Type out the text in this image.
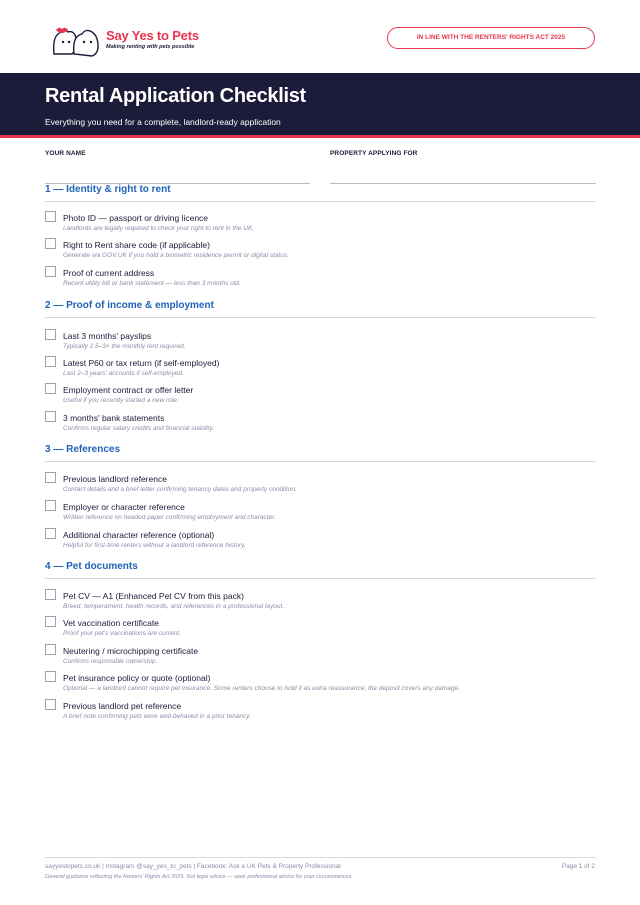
Say Yes to Pets
Making renting with pets possible
IN LINE WITH THE RENTERS' RIGHTS ACT 2025
Rental Application Checklist
Everything you need for a complete, landlord-ready application
YOUR NAME	PROPERTY APPLYING FOR
1 — Identity & right to rent
Photo ID — passport or driving licence
Landlords are legally required to check your right to rent in the UK.
Right to Rent share code (if applicable)
Generate via GOV.UK if you hold a biometric residence permit or digital status.
Proof of current address
Recent utility bill or bank statement — less than 3 months old.
2 — Proof of income & employment
Last 3 months' payslips
Typically 2.5–3× the monthly rent required.
Latest P60 or tax return (if self-employed)
Last 2–3 years' accounts if self-employed.
Employment contract or offer letter
Useful if you recently started a new role.
3 months' bank statements
Confirms regular salary credits and financial stability.
3 — References
Previous landlord reference
Contact details and a brief letter confirming tenancy dates and property condition.
Employer or character reference
Written reference on headed paper confirming employment and character.
Additional character reference (optional)
Helpful for first-time renters without a landlord reference history.
4 — Pet documents
Pet CV — A1 (Enhanced Pet CV from this pack)
Breed, temperament, health records, and references in a professional layout.
Vet vaccination certificate
Proof your pet's vaccinations are current.
Neutering / microchipping certificate
Confirms responsible ownership.
Pet insurance policy or quote (optional)
Optional — a landlord cannot require pet insurance. Some renters choose to hold it as extra reassurance; the deposit covers any damage.
Previous landlord pet reference
A brief note confirming pets were well-behaved in a prior tenancy.
sayyestopets.co.uk | Instagram @say_yes_to_pets | Facebook: Ask a UK Pets & Property Professional	Page 1 of 2
General guidance reflecting the Renters' Rights Act 2025. Not legal advice — seek professional advice for your circumstances.
